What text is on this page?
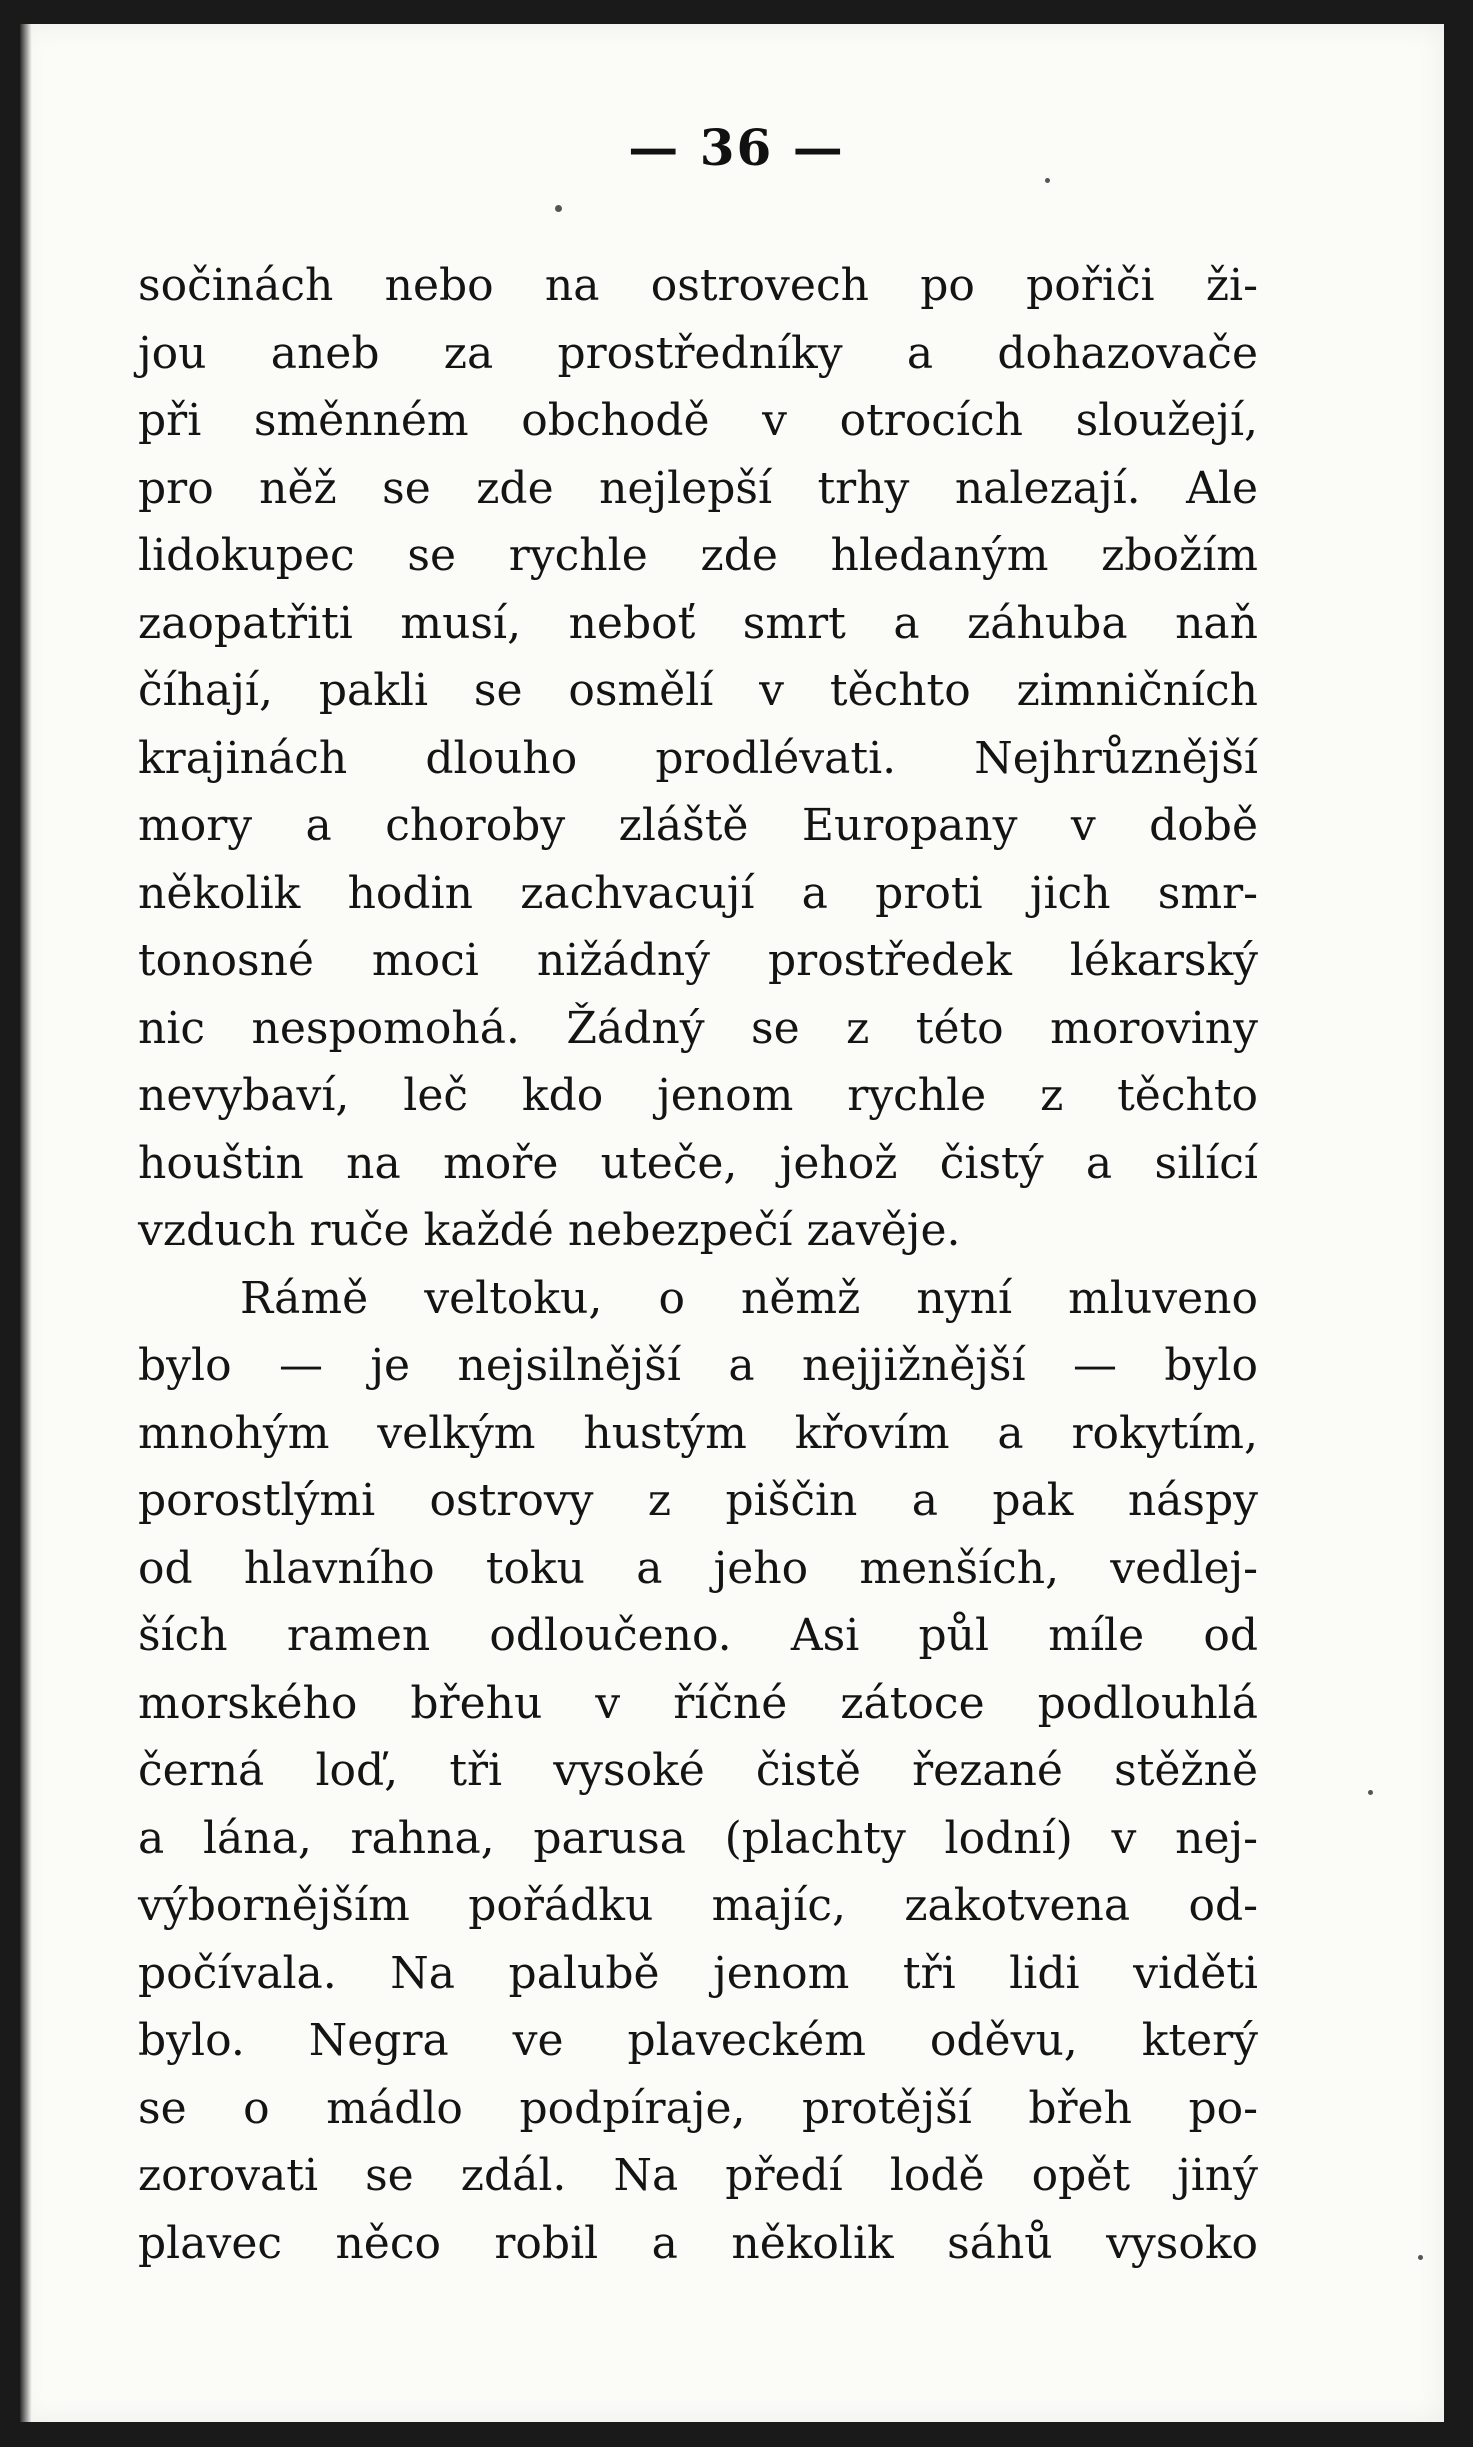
— 36 —
sočinách nebo na ostrovech po pořiči ži-
jou aneb za prostředníky a dohazovače
při směnném obchodě v otrocích sloužejí,
pro něž se zde nejlepší trhy nalezají. Ale
lidokupec se rychle zde hledaným zbožím
zaopatřiti musí, neboť smrt a záhuba naň
číhají, pakli se osmělí v těchto zimničních
krajinách dlouho prodlévati. Nejhrůznější
mory a choroby zláště Europany v době
několik hodin zachvacují a proti jich smr-
tonosné moci nižádný prostředek lékarský
nic nespomohá. Žádný se z této moroviny
nevybaví, leč kdo jenom rychle z těchto
houštin na moře uteče, jehož čistý a silící
vzduch ruče každé nebezpečí zavěje.
Rámě veltoku, o němž nyní mluveno
bylo — je nejsilnější a nejjižnější — bylo
mnohým velkým hustým křovím a rokytím,
porostlými ostrovy z piščin a pak náspy
od hlavního toku a jeho menších, vedlej-
ších ramen odloučeno. Asi půl míle od
morského břehu v říčné zátoce podlouhlá
černá loď, tři vysoké čistě řezané stěžně
a lána, rahna, parusa (plachty lodní) v nej-
výbornějším pořádku majíc, zakotvena od-
počívala. Na palubě jenom tři lidi viděti
bylo. Negra ve plaveckém oděvu, který
se o mádlo podpíraje, protější břeh po-
zorovati se zdál. Na předí lodě opět jiný
plavec něco robil a několik sáhů vysoko
